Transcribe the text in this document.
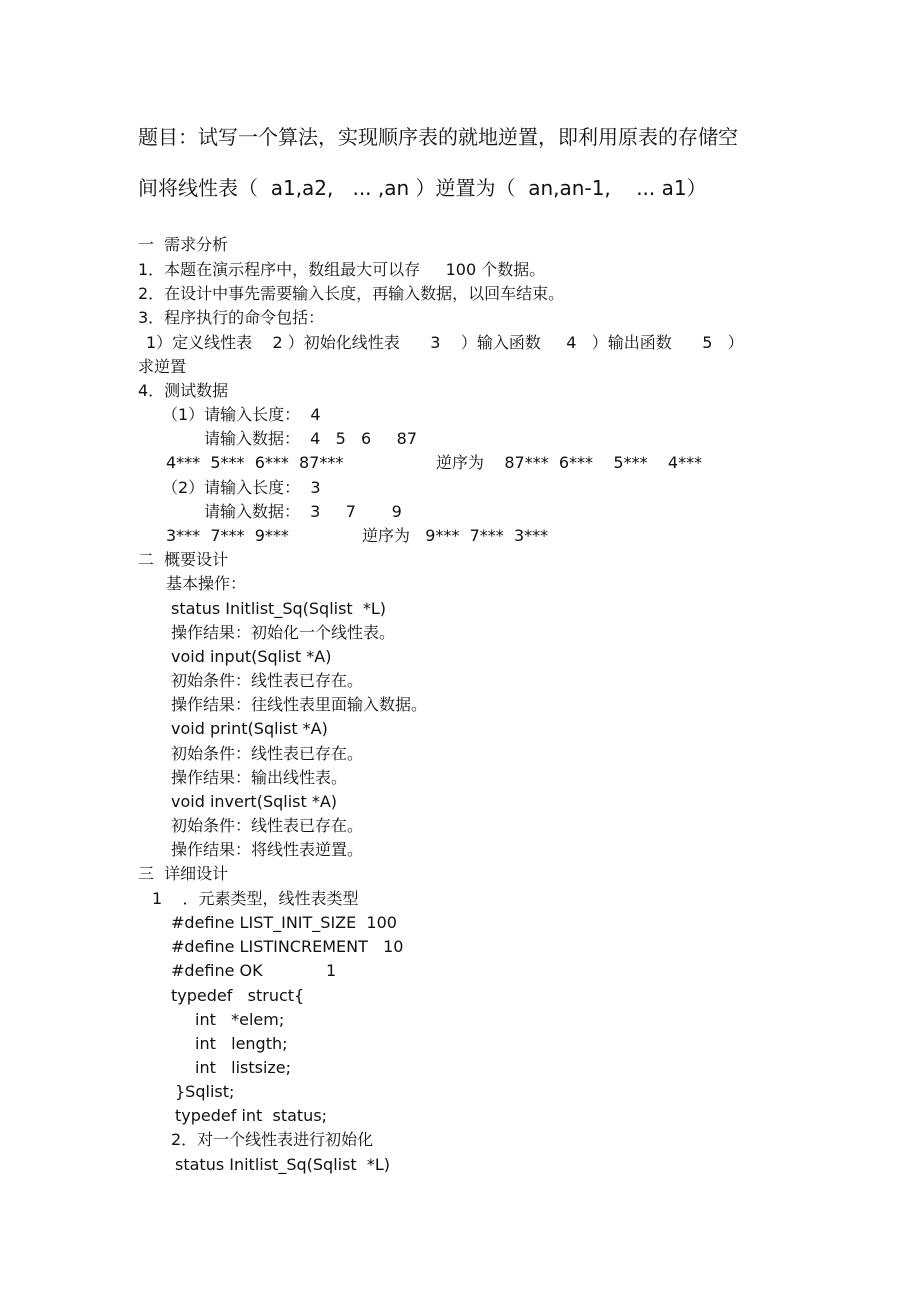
题目：试写一个算法，实现顺序表的就地逆置，即利用原表的存储空
间将线性表（  a1,a2,   ... ,an ）逆置为（  an,an-1,    ... a1）
一  需求分析
1．本题在演示程序中，数组最大可以存     100 个数据。
2．在设计中事先需要输入长度，再输入数据，以回车结束。
3．程序执行的命令包括：
1）定义线性表    2 ）初始化线性表      3    ）输入函数     4   ）输出函数      5   ）
求逆置
4．测试数据
（1）请输入长度：  4
请输入数据：  4   5   6     87
4***  5***  6***  87***	逆序为    87***  6***    5***    4***
（2）请输入长度：  3
请输入数据：  3     7       9
3***  7***  9***	逆序为   9***  7***  3***
二  概要设计
基本操作：
status Initlist_Sq(Sqlist  *L)
操作结果：初始化一个线性表。
void input(Sqlist *A)
初始条件：线性表已存在。
操作结果：往线性表里面输入数据。
void print(Sqlist *A)
初始条件：线性表已存在。
操作结果：输出线性表。
void invert(Sqlist *A)
初始条件：线性表已存在。
操作结果：将线性表逆置。
三  详细设计
1    ．元素类型，线性表类型
#define LIST_INIT_SIZE  100
#define LISTINCREMENT   10
#define OK	1
typedef   struct{
int   *elem;
int   length;
int   listsize;
}Sqlist;
typedef int  status;
2．对一个线性表进行初始化
status Initlist_Sq(Sqlist  *L)
